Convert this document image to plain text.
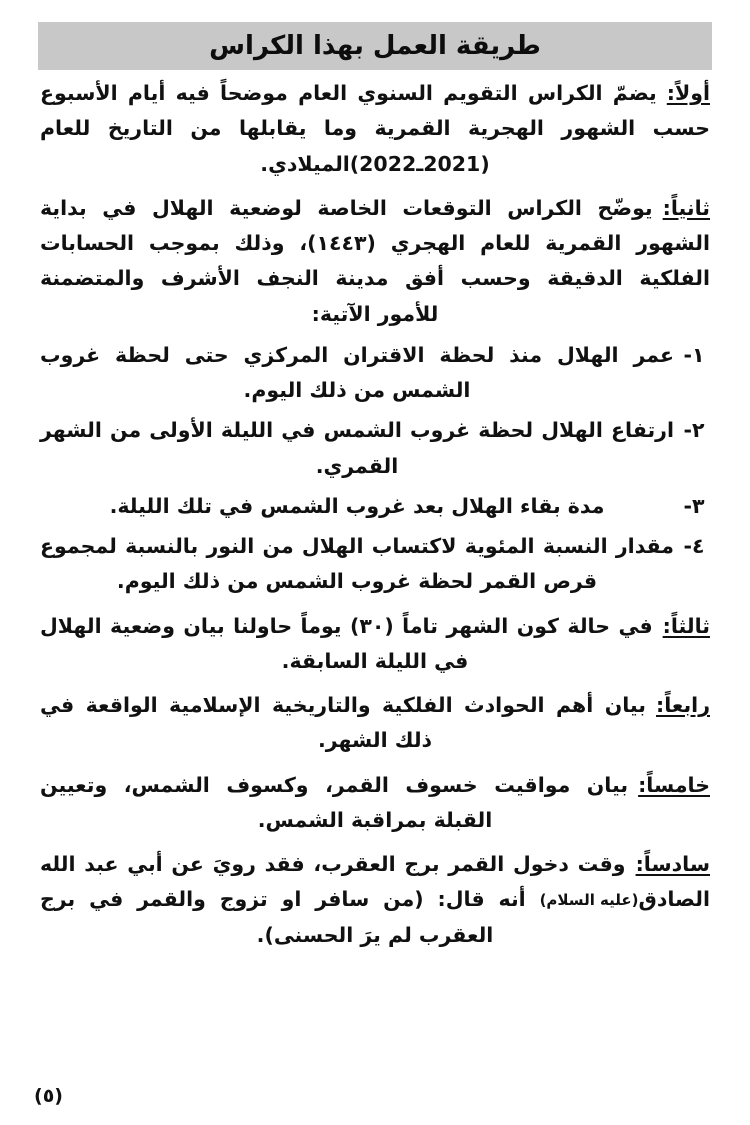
طريقة العمل بهذا الكراس

أولاً:يضمّ الكراس التقويم السنوي العام موضحاً فيه أيام الأسبوع حسب الشهور الهجرية القمرية وما يقابلها من التاريخ للعام (2021ـ2022)الميلادي.

ثانياً:يوضّح الكراس التوقعات الخاصة لوضعية الهلال في بداية الشهور القمرية للعام الهجري (١٤٤٣)، وذلك بموجب الحسابات الفلكية الدقيقة وحسب أفق مدينة النجف الأشرف والمتضمنة للأمور الآتية:

١-
عمر الهلال منذ لحظة الاقتران المركزي حتى لحظة غروب الشمس من ذلك اليوم.
٢-
ارتفاع الهلال لحظة غروب الشمس في الليلة الأولى من الشهر القمري.
٣-
مدة بقاء الهلال بعد غروب الشمس في تلك الليلة.
٤-
مقدار النسبة المئوية لاكتساب الهلال من النور بالنسبة لمجموع قرص القمر لحظة غروب الشمس من ذلك اليوم.

ثالثاً:في حالة كون الشهر تاماً (٣٠) يوماً حاولنا بيان وضعية الهلال في الليلة السابقة.

رابعاً:بيان أهم الحوادث الفلكية والتاريخية الإسلامية الواقعة في ذلك الشهر.

خامساً:بيان مواقيت خسوف القمر، وكسوف الشمس، وتعيين القبلة بمراقبة الشمس.

سادساً:وقت دخول القمر برج العقرب، فقد رويَ عن أبي عبد الله الصادق(عليه السلام) أنه قال: (من سافر او تزوج والقمر في برج العقرب لم يرَ الحسنى).

(٥)
